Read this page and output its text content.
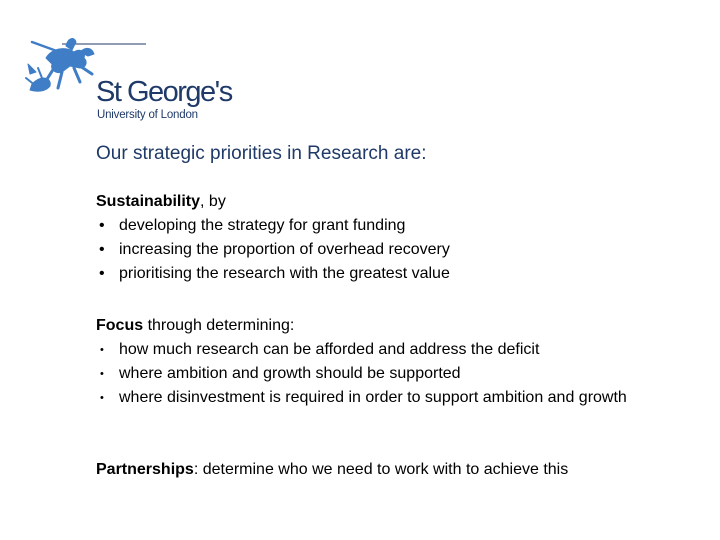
St George's
University of London
Our strategic priorities in Research are:

Sustainability, by

• developing the strategy for grant funding
• increasing the proportion of overhead recovery
• prioritising the research with the greatest value

Focus through determining:

• how much research can be afforded and address the deficit
• where ambition and growth should be supported
• where disinvestment is required in order to support ambition and growth

Partnerships: determine who we need to work with to achieve this
